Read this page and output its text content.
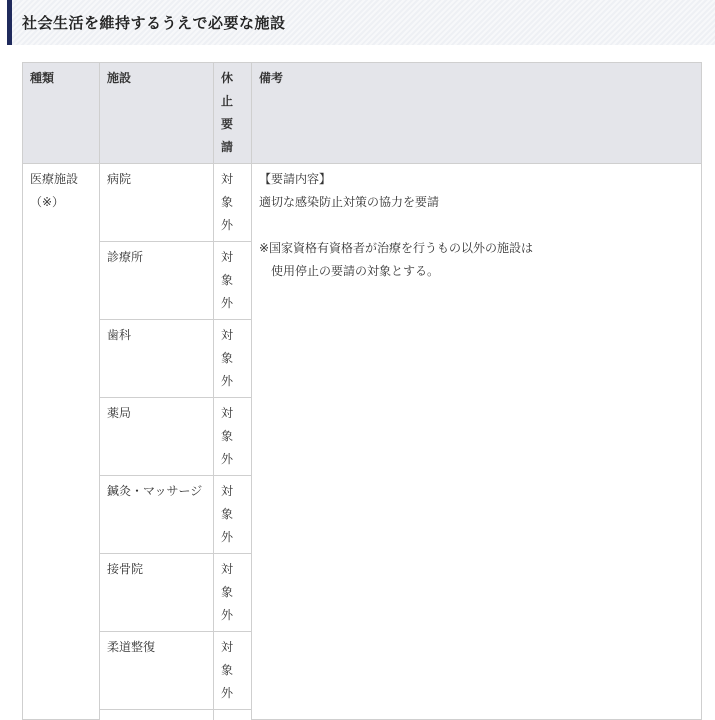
社会生活を維持するうえで必要な施設
種類	施設	休止要請	備考
医療施設（※）	病院	対象外	【要請内容】

適切な感染防止対策の協力を要請

※国家資格有資格者が治療を行うもの以外の施設は

使用停止の要請の対象とする。

	診療所	対象外	

	歯科	対象外	

	薬局	対象外	

	鍼灸・マッサージ	対象外	

	接骨院	対象外	

	柔道整復	対象外	
